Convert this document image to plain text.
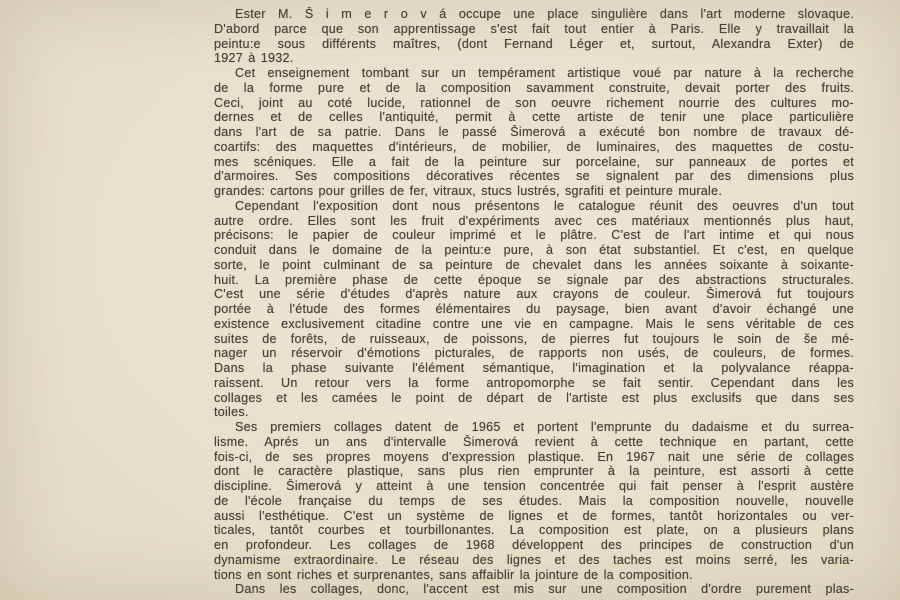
Ester M. Š i m e r o v á occupe une place singulière dans l'art moderne slovaque.
D'abord parce que son apprentissage s'est fait tout entier à Paris. Elle y travaillait la
peintu:e sous différents maîtres, (dont Fernand Léger et, surtout, Alexandra Exter) de
1927 à 1932.
Cet enseignement tombant sur un tempérament artistique voué par nature à la recherche
de la forme pure et de la composition savamment construite, devait porter des fruits.
Ceci, joint au coté lucide, rationnel de son oeuvre richement nourrie des cultures mo-
dernes et de celles l'antiquité, permit à cette artiste de tenir une place particulière
dans l'art de sa patrie. Dans le passé Šimerová a exécuté bon nombre de travaux dé-
coartifs: des maquettes d'intérieurs, de mobilier, de luminaires, des maquettes de costu-
mes scéniques. Elle a fait de la peinture sur porcelaine, sur panneaux de portes et
d'armoires. Ses compositions décoratives récentes se signalent par des dimensions plus
grandes: cartons pour grilles de fer, vitraux, stucs lustrés, sgrafiti et peinture murale.
Cependant l'exposition dont nous présentons le catalogue réunit des oeuvres d'un tout
autre ordre. Elles sont les fruit d'expériments avec ces matériaux mentionnés plus haut,
précisons: le papier de couleur imprimé et le plâtre. C'est de l'art intime et qui nous
conduit dans le domaine de la peintu:e pure, à son état substantiel. Et c'est, en quelque
sorte, le point culminant de sa peinture de chevalet dans les années soixante à soixante-
huit. La première phase de cette époque se signale par des abstractions structurales.
C'est une série d'études d'après nature aux crayons de couleur. Šimerová fut toujours
portée à l'étude des formes élémentaires du paysage, bien avant d'avoir échangé une
existence exclusivement citadine contre une vie en campagne. Mais le sens véritable de ces
suites de forêts, de ruisseaux, de poissons, de pierres fut toujours le soin de še mé-
nager un réservoir d'émotions picturales, de rapports non usés, de couleurs, de formes.
Dans la phase suivante l'élément sémantique, l'imagination et la polyvalance réappa-
raissent. Un retour vers la forme antropomorphe se fait sentir. Cependant dans les
collages et les camées le point de départ de l'artiste est plus exclusifs que dans ses
toiles.
Ses premiers collages datent de 1965 et portent l'emprunte du dadaisme et du surrea-
lisme. Aprés un ans d'intervalle Šimerová revient à cette technique en partant, cette
fois-ci, de ses propres moyens d'expression plastique. En 1967 nait une série de collages
dont le caractère plastique, sans plus rien emprunter à la peinture, est assorti à cette
discipline. Šimerová y atteint à une tension concentrée qui fait penser à l'esprit austère
de l'école française du temps de ses études. Mais la composition nouvelle, nouvelle
aussi l'esthétique. C'est un système de lignes et de formes, tantôt horizontales ou ver-
ticales, tantôt courbes et tourbillonantes. La composition est plate, on a plusieurs plans
en profondeur. Les collages de 1968 développent des principes de construction d'un
dynamisme extraordinaire. Le réseau des lignes et des taches est moins serré, les varia-
tions en sont riches et surprenantes, sans affaiblir la jointure de la composition.
Dans les collages, donc, l'accent est mis sur une composition d'ordre purement plas-
